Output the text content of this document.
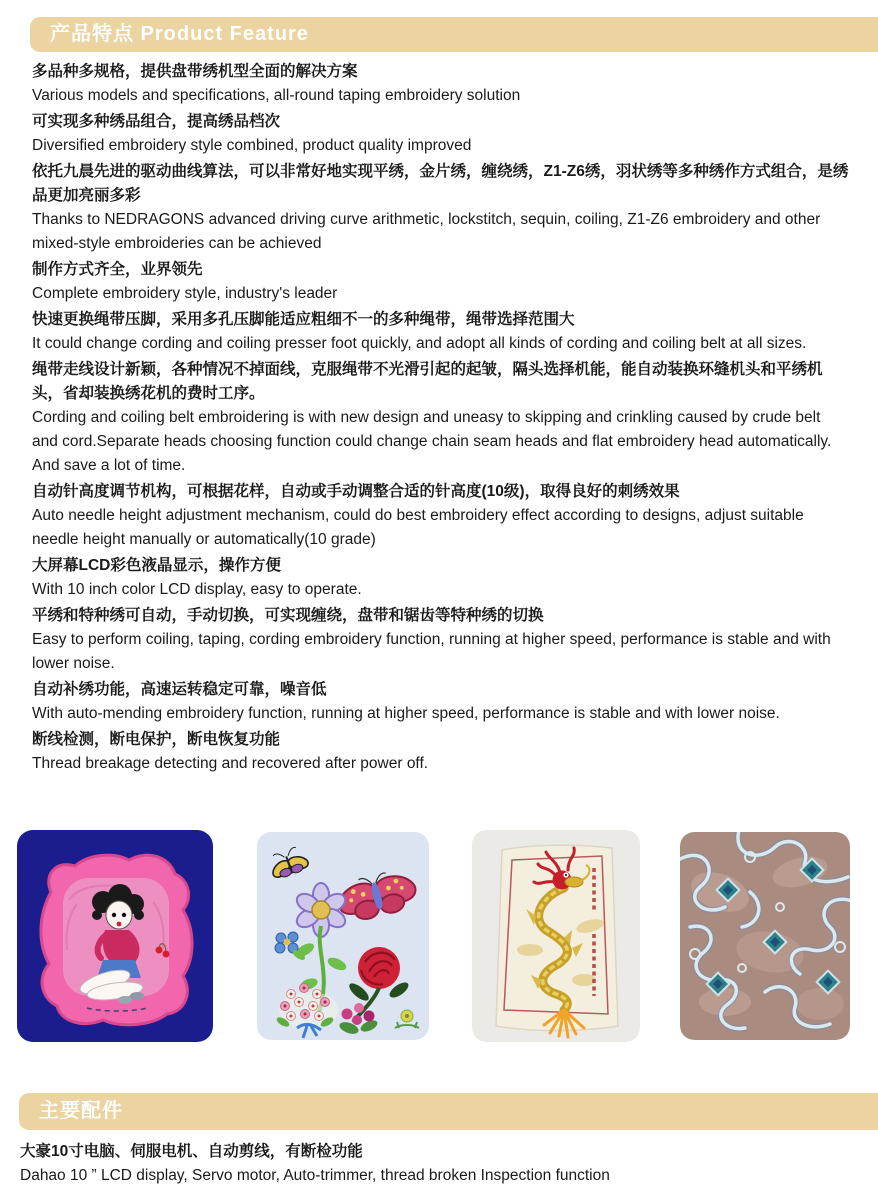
产品特点 Product Feature
多品种多规格，提供盘带绣机型全面的解决方案
Various models and specifications, all-round taping embroidery solution
可实现多种绣品组合，提高绣品档次
Diversified embroidery style combined, product quality improved
依托九晨先进的驱动曲线算法，可以非常好地实现平绣，金片绣，缠绕绣，Z1-Z6绣，羽状绣等多种绣作方式组合，是绣品更加亮丽多彩
Thanks to NEDRAGONS advanced driving curve arithmetic, lockstitch, sequin, coiling, Z1-Z6 embroidery and other mixed-style embroideries can be achieved
制作方式齐全，业界领先
Complete embroidery style, industry's leader
快速更换绳带压脚，采用多孔压脚能适应粗细不一的多种绳带，绳带选择范围大
It could change cording and coiling presser foot quickly, and adopt all kinds of cording and coiling belt at all sizes.
绳带走线设计新颖，各种情况不掉面线，克服绳带不光滑引起的起皱，隔头选择机能，能自动装换环缝机头和平绣机头，省却装换绣花机的费时工序。
Cording and coiling belt embroidering is with new design and uneasy to skipping and crinkling caused by crude belt and cord.Separate heads choosing function could change chain seam heads and flat embroidery head automatically. And save a lot of time.
自动针高度调节机构，可根据花样，自动或手动调整合适的针高度(10级)，取得良好的刺绣效果
Auto needle height adjustment mechanism, could do best embroidery effect according to designs, adjust suitable needle height manually or automatically(10 grade)
大屏幕LCD彩色液晶显示，操作方便
With 10 inch color LCD display, easy to operate.
平绣和特种绣可自动，手动切换，可实现缠绕，盘带和锯齿等特种绣的切换
Easy to perform coiling, taping, cording embroidery function, running at higher speed, performance is stable and with lower noise.
自动补绣功能，高速运转稳定可靠，噪音低
With auto-mending embroidery function, running at higher speed, performance is stable and with lower noise.
断线检测，断电保护，断电恢复功能
Thread breakage detecting and recovered after power off.
主要配件
大豪10寸电脑、伺服电机、自动剪线，有断检功能
Dahao 10 ” LCD display, Servo motor, Auto-trimmer, thread broken Inspection function
